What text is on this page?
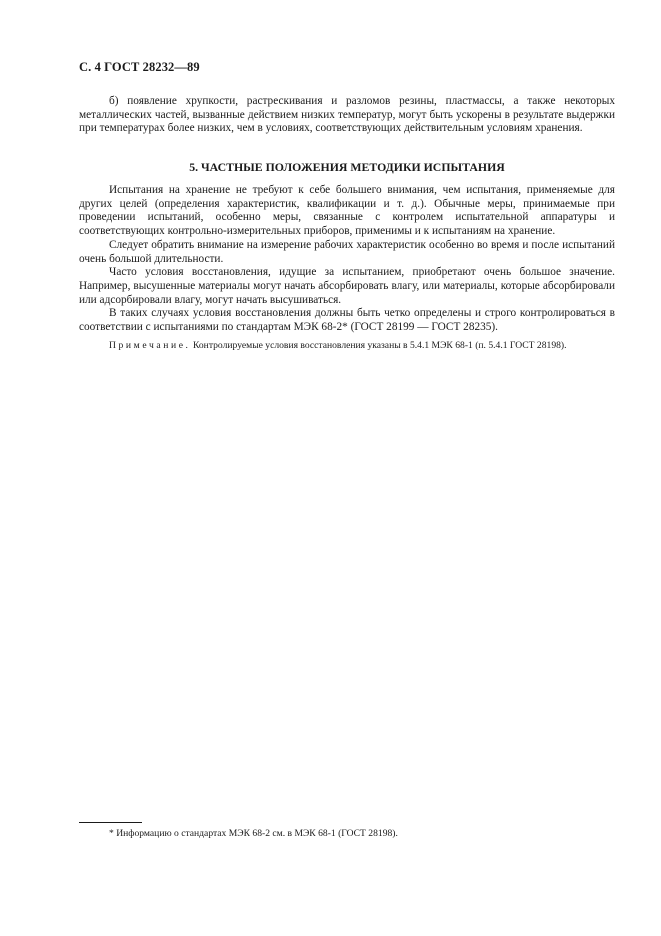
С. 4 ГОСТ 28232—89

б) появление хрупкости, растрескивания и разломов резины, пластмассы, а также некоторых металлических частей, вызванные действием низких температур, могут быть ускорены в результате выдержки при температурах более низких, чем в условиях, соответствующих действительным условиям хранения.

5. ЧАСТНЫЕ ПОЛОЖЕНИЯ МЕТОДИКИ ИСПЫТАНИЯ

Испытания на хранение не требуют к себе большего внимания, чем испытания, применяемые для других целей (определения характеристик, квалификации и т. д.). Обычные меры, принимаемые при проведении испытаний, особенно меры, связанные с контролем испытательной аппаратуры и соответствующих контрольно-измерительных приборов, применимы и к испытаниям на хранение.

Следует обратить внимание на измерение рабочих характеристик особенно во время и после испытаний очень большой длительности.

Часто условия восстановления, идущие за испытанием, приобретают очень большое значение. Например, высушенные материалы могут начать абсорбировать влагу, или материалы, которые абсорбировали или адсорбировали влагу, могут начать высушиваться.

В таких случаях условия восстановления должны быть четко определены и строго контролироваться в соответствии с испытаниями по стандартам МЭК 68-2* (ГОСТ 28199 — ГОСТ 28235).

Примечание. Контролируемые условия восстановления указаны в 5.4.1 МЭК 68-1 (п. 5.4.1 ГОСТ 28198).
* Информацию о стандартах МЭК 68-2 см. в МЭК 68-1 (ГОСТ 28198).
